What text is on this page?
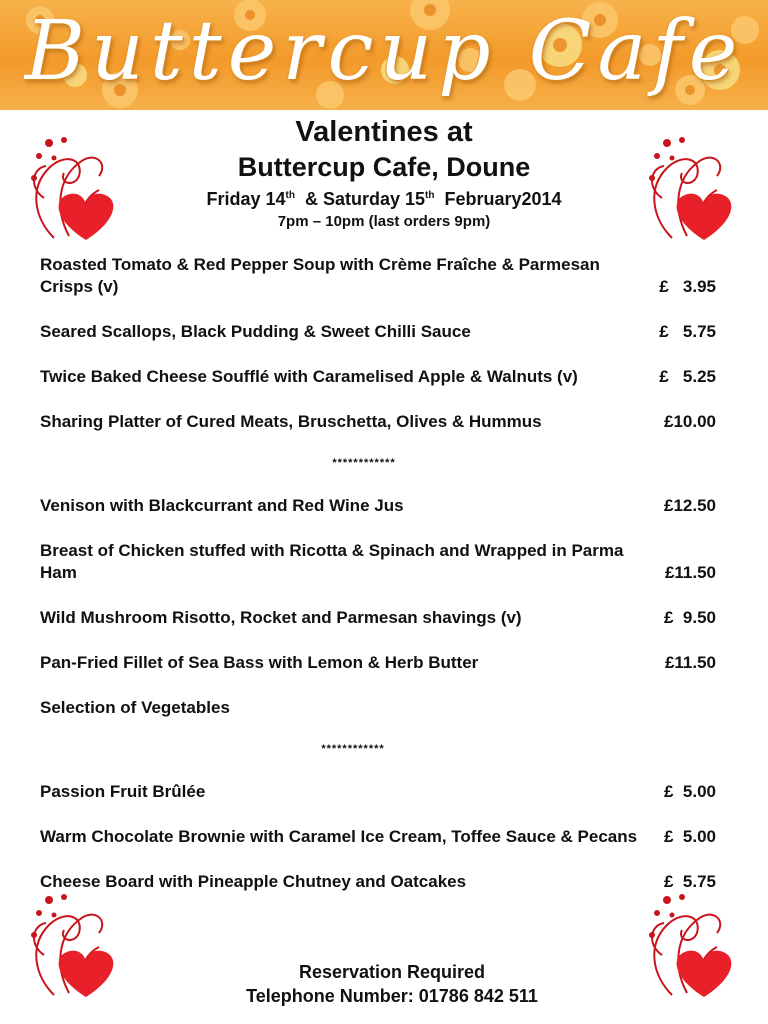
Buttercup Cafe
Valentines at
Buttercup Cafe, Doune
Friday 14th  & Saturday 15th  February2014
7pm – 10pm (last orders 9pm)
Roasted Tomato & Red Pepper Soup with Crème Fraîche & Parmesan Crisps (v)	£   3.95
Seared Scallops, Black Pudding & Sweet Chilli Sauce	£   5.75
Twice Baked Cheese Soufflé with Caramelised Apple & Walnuts (v)	£   5.25
Sharing Platter of Cured Meats, Bruschetta, Olives & Hummus	£10.00
************
Venison with Blackcurrant and Red Wine Jus	£12.50
Breast of Chicken stuffed with Ricotta & Spinach and Wrapped in Parma Ham	£11.50
Wild Mushroom Risotto, Rocket and Parmesan shavings (v)	£  9.50
Pan-Fried Fillet of Sea Bass with Lemon & Herb Butter	£11.50
Selection of Vegetables
************
Passion Fruit Brûlée	£  5.00
Warm Chocolate Brownie with Caramel Ice Cream, Toffee Sauce & Pecans £  5.00
Cheese Board with Pineapple Chutney and Oatcakes	£  5.75
Reservation Required
Telephone Number: 01786 842 511
